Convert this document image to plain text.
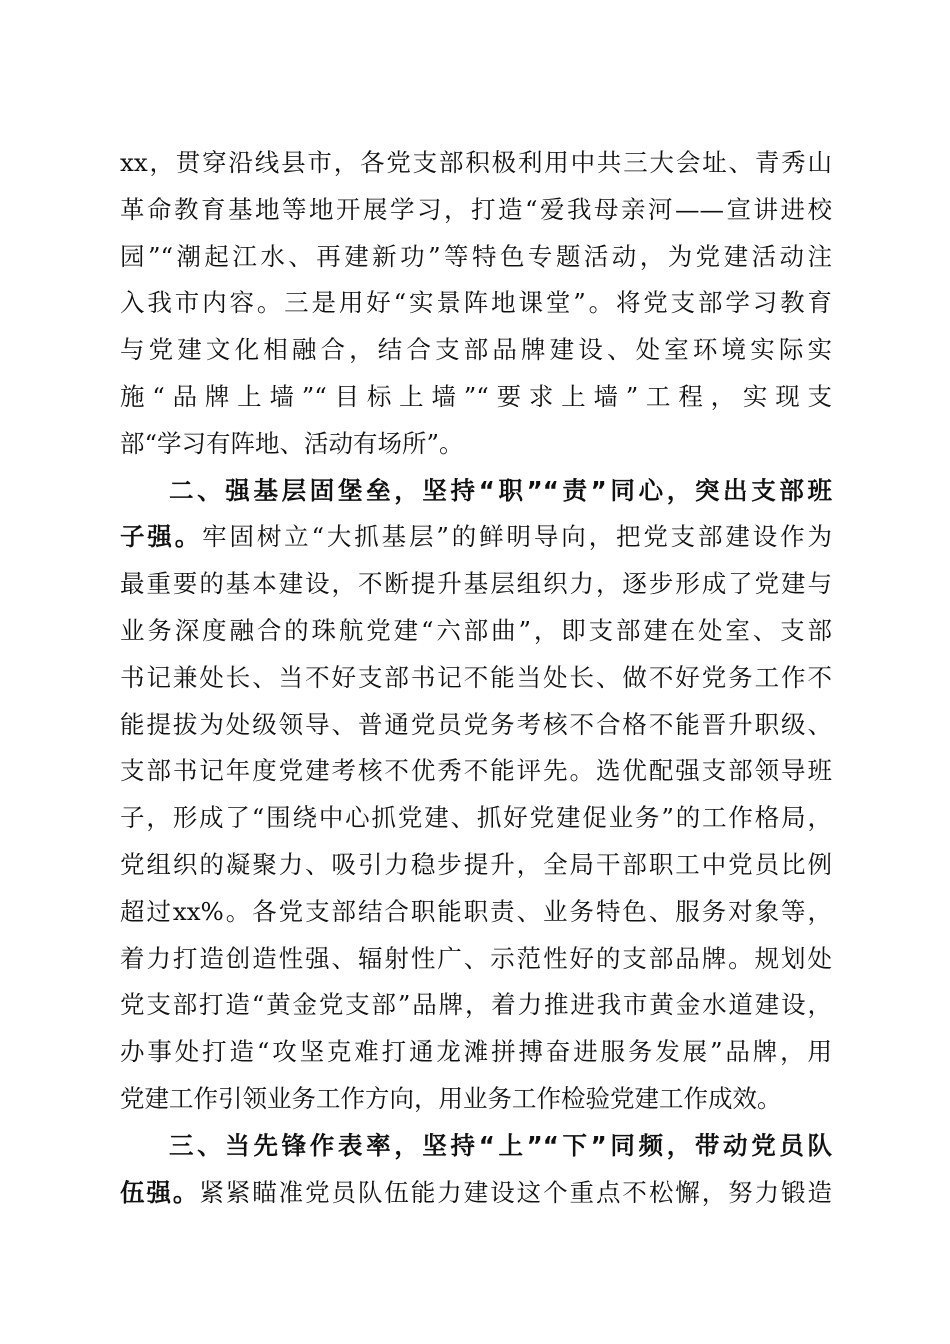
xx，贯穿沿线县市，各党支部积极利用中共三大会址、青秀山
革命教育基地等地开展学习，打造“爱我母亲河——宣讲进校
园”“潮起江水、再建新功”等特色专题活动，为党建活动注
入我市内容。三是用好“实景阵地课堂”。将党支部学习教育
与党建文化相融合，结合支部品牌建设、处室环境实际实
施“品牌上墙”“目标上墙”“要求上墙”工程，实现支
部“学习有阵地、活动有场所”。
二、强基层固堡垒，坚持“职”“责”同心，突出支部班
子强。牢固树立“大抓基层”的鲜明导向，把党支部建设作为
最重要的基本建设，不断提升基层组织力，逐步形成了党建与
业务深度融合的珠航党建“六部曲”，即支部建在处室、支部
书记兼处长、当不好支部书记不能当处长、做不好党务工作不
能提拔为处级领导、普通党员党务考核不合格不能晋升职级、
支部书记年度党建考核不优秀不能评先。选优配强支部领导班
子，形成了“围绕中心抓党建、抓好党建促业务”的工作格局，
党组织的凝聚力、吸引力稳步提升，全局干部职工中党员比例
超过xx%。各党支部结合职能职责、业务特色、服务对象等，
着力打造创造性强、辐射性广、示范性好的支部品牌。规划处
党支部打造“黄金党支部”品牌，着力推进我市黄金水道建设，
办事处打造“攻坚克难打通龙滩拼搏奋进服务发展”品牌，用
党建工作引领业务工作方向，用业务工作检验党建工作成效。
三、当先锋作表率，坚持“上”“下”同频，带动党员队
伍强。紧紧瞄准党员队伍能力建设这个重点不松懈，努力锻造
